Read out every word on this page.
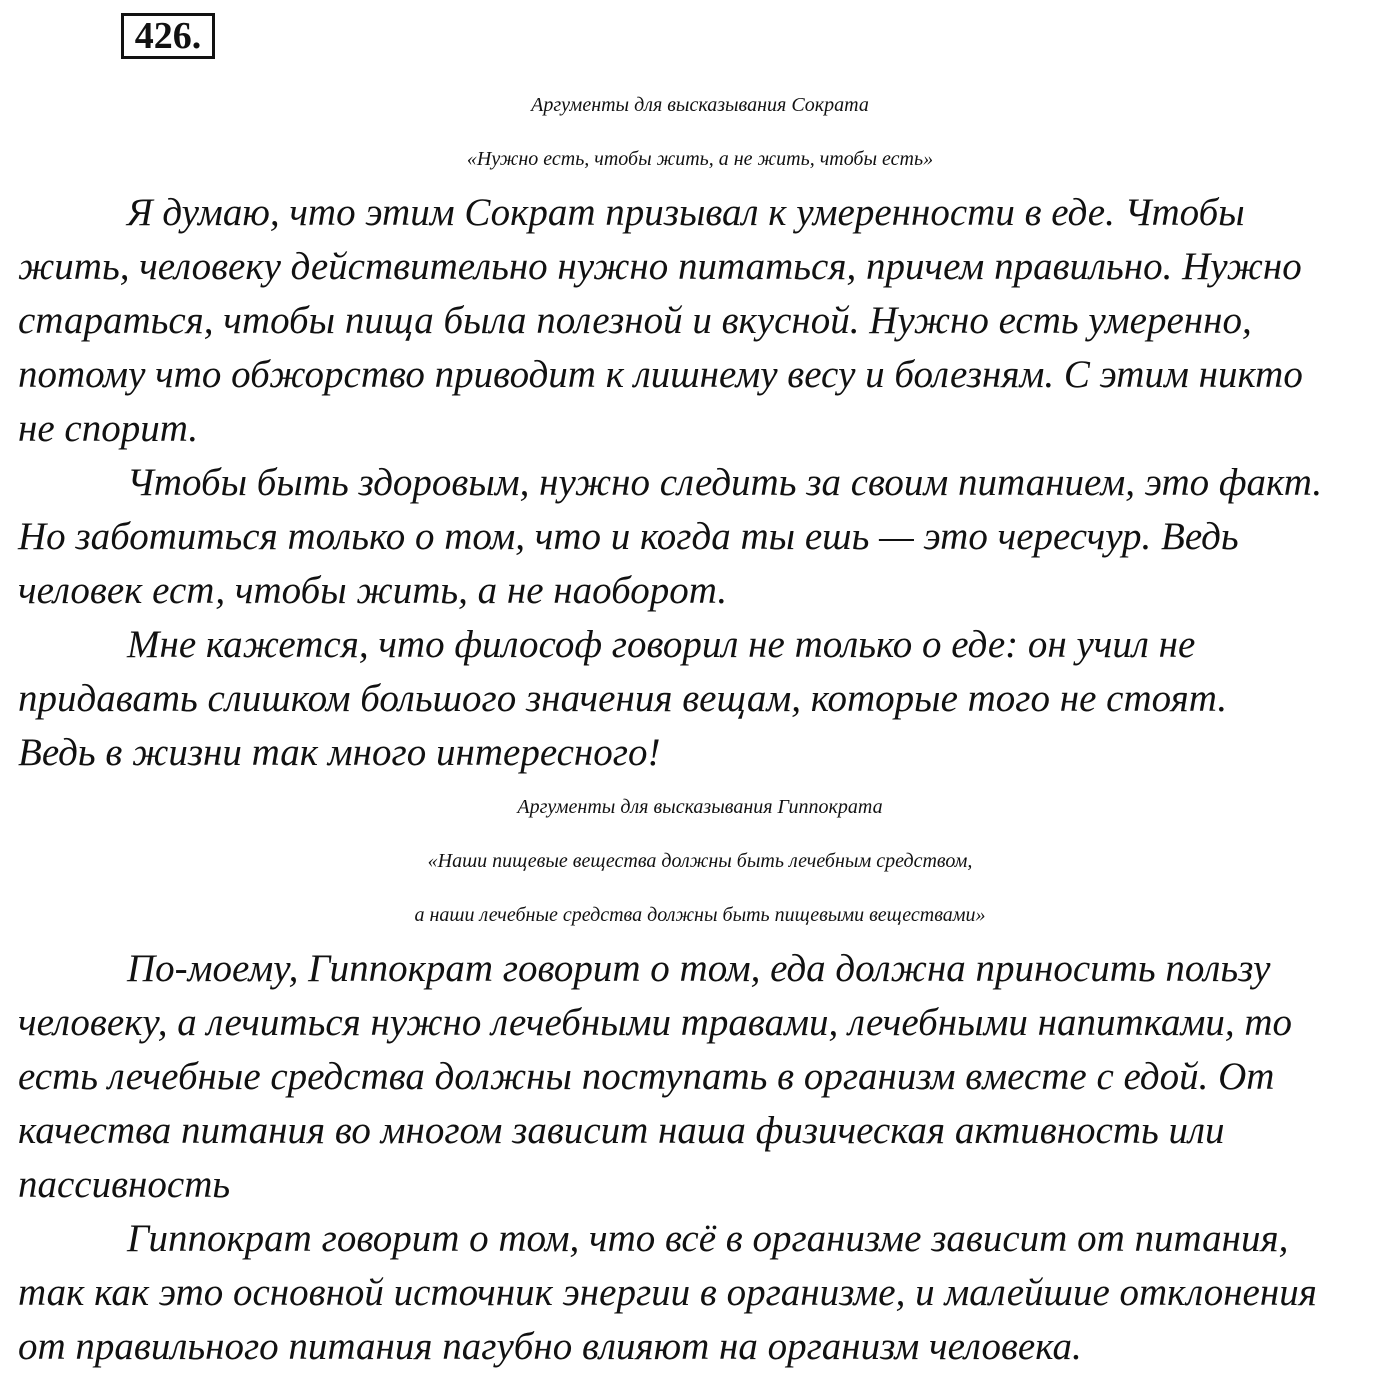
426.
Аргументы для высказывания Сократа
«Нужно есть, чтобы жить, а не жить, чтобы есть»
Я думаю, что этим Сократ призывал к умеренности в еде. Чтобы
жить, человеку действительно нужно питаться, причем правильно. Нужно
стараться, чтобы пища была полезной и вкусной. Нужно есть умеренно,
потому что обжорство приводит к лишнему весу и болезням. С этим никто
не спорит.
Чтобы быть здоровым, нужно следить за своим питанием, это факт.
Но заботиться только о том, что и когда ты ешь — это чересчур. Ведь
человек ест, чтобы жить, а не наоборот.
Мне кажется, что философ говорил не только о еде: он учил не
придавать слишком большого значения вещам, которые того не стоят.
Ведь в жизни так много интересного!
Аргументы для высказывания Гиппократа
«Наши пищевые вещества должны быть лечебным средством,
а наши лечебные средства должны быть пищевыми веществами»
По-моему, Гиппократ говорит о том, еда должна приносить пользу
человеку, а лечиться нужно лечебными травами, лечебными напитками, то
есть лечебные средства должны поступать в организм вместе с едой. От
качества питания во многом зависит наша физическая активность или
пассивность
Гиппократ говорит о том, что всё в организме зависит от питания,
так как это основной источник энергии в организме, и малейшие отклонения
от правильного питания пагубно влияют на организм человека.
